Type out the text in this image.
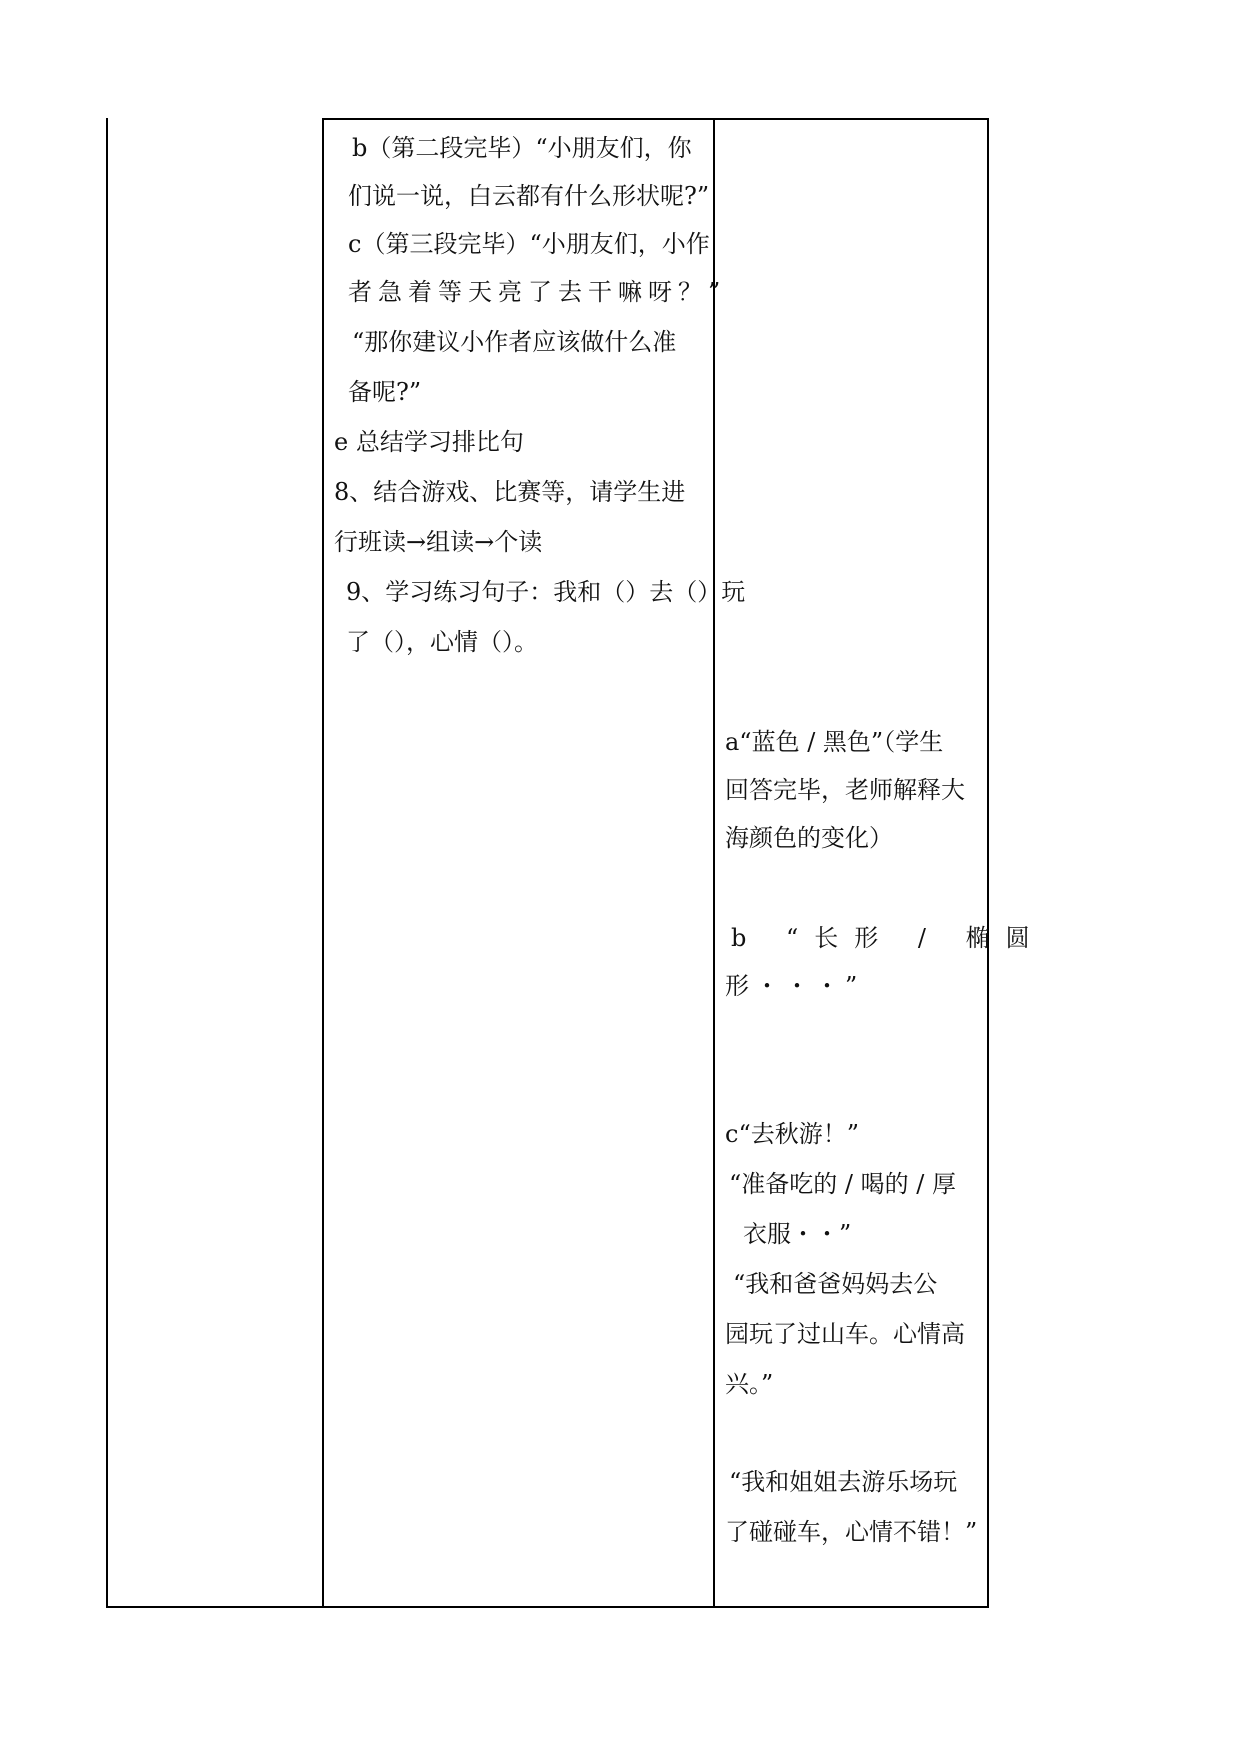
b（第二段完毕）“小朋友们，你
们说一说，白云都有什么形状呢?”
c（第三段完毕）“小朋友们，小作
者急着等天亮了去干嘛呀？”
“那你建议小作者应该做什么准
备呢?”
e 总结学习排比句
8、结合游戏、比赛等，请学生进
行班读→组读→个读
9、学习练习句子：我和（）去（）玩
了（），心情（）。
a“蓝色 / 黑色”（学生
回答完毕，老师解释大
海颜色的变化）
b “长形 / 椭圆
形・・・”
c“去秋游！”
“准备吃的 / 喝的 / 厚
衣服・・”
“我和爸爸妈妈去公
园玩了过山车。心情高
兴。”
“我和姐姐去游乐场玩
了碰碰车，心情不错！”
